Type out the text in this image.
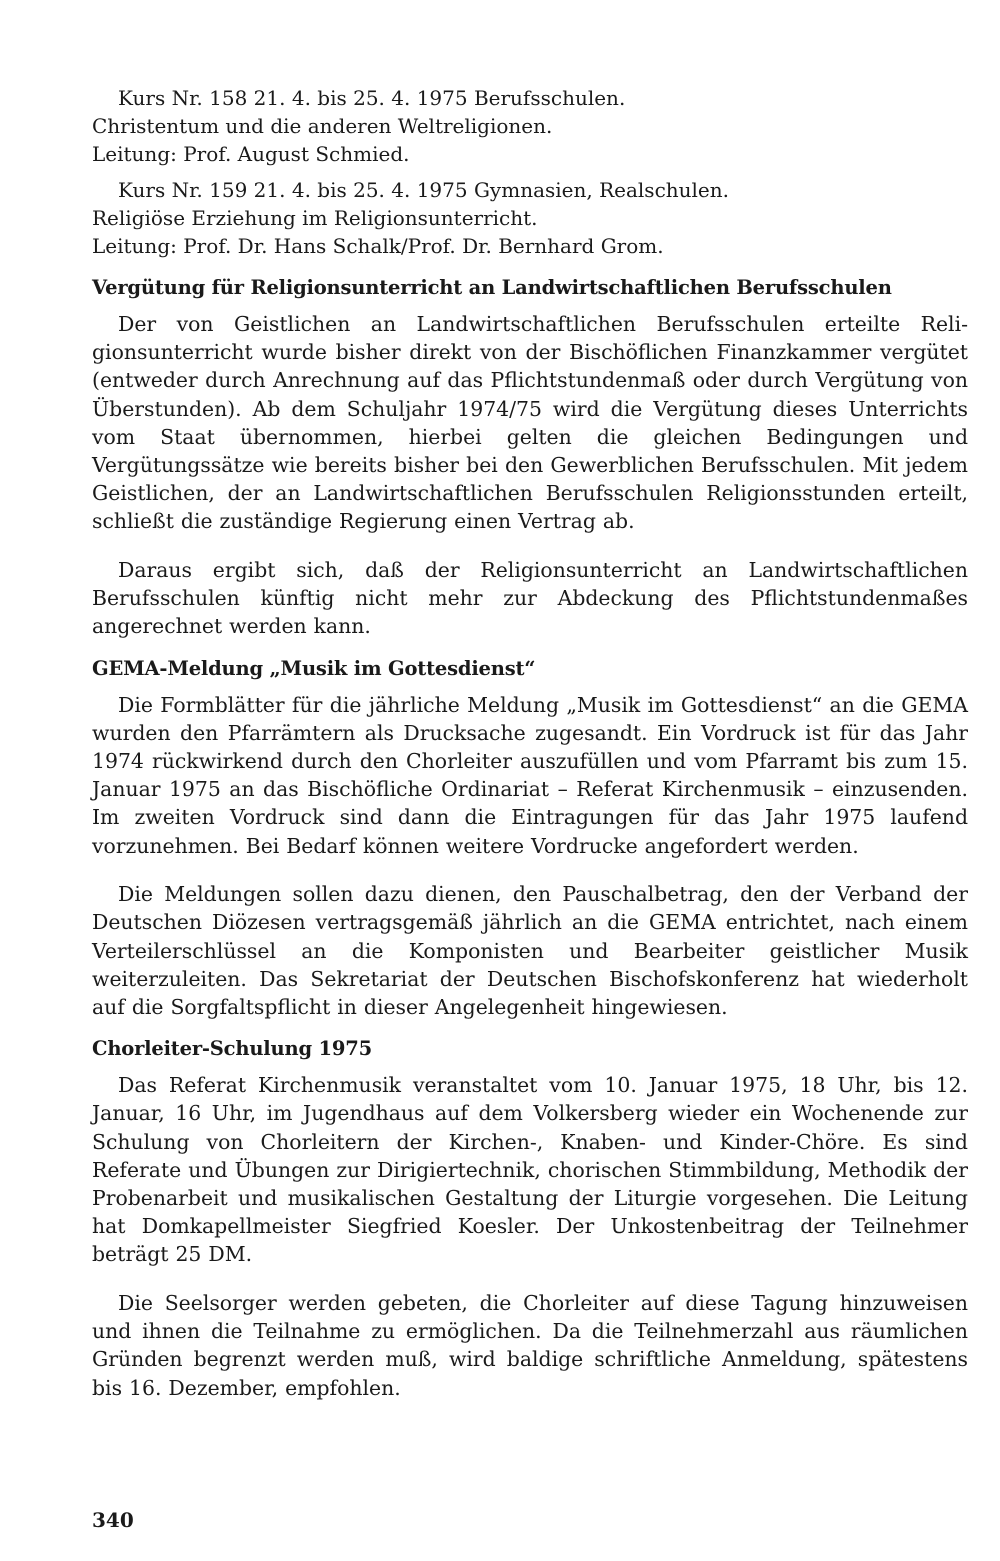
Kurs Nr. 158 21. 4. bis 25. 4. 1975 Berufsschulen.
Christentum und die anderen Weltreligionen.
Leitung: Prof. August Schmied.
Kurs Nr. 159 21. 4. bis 25. 4. 1975 Gymnasien, Realschulen.
Religiöse Erziehung im Religionsunterricht.
Leitung: Prof. Dr. Hans Schalk/Prof. Dr. Bernhard Grom.
Vergütung für Religionsunterricht an Landwirtschaftlichen Berufsschulen

Der von Geistlichen an Landwirtschaftlichen Berufsschulen erteilte Religionsunterricht wurde bisher direkt von der Bischöflichen Finanzkammer vergütet (entweder durch Anrechnung auf das Pflichtstundenmaß oder durch Vergütung von Überstunden). Ab dem Schuljahr 1974/75 wird die Vergütung dieses Unterrichts vom Staat übernommen, hierbei gelten die gleichen Bedingungen und Vergütungssätze wie bereits bisher bei den Gewerblichen Berufsschulen. Mit jedem Geistlichen, der an Landwirtschaftlichen Berufsschulen Religionsstunden erteilt, schließt die zuständige Regierung einen Vertrag ab.

Daraus ergibt sich, daß der Religionsunterricht an Landwirtschaftlichen Berufsschulen künftig nicht mehr zur Abdeckung des Pflichtstundenmaßes angerechnet werden kann.

GEMA-Meldung „Musik im Gottesdienst“

Die Formblätter für die jährliche Meldung „Musik im Gottesdienst“ an die GEMA wurden den Pfarrämtern als Drucksache zugesandt. Ein Vordruck ist für das Jahr 1974 rückwirkend durch den Chorleiter auszufüllen und vom Pfarramt bis zum 15. Januar 1975 an das Bischöfliche Ordinariat – Referat Kirchenmusik – einzusenden. Im zweiten Vordruck sind dann die Eintragungen für das Jahr 1975 laufend vorzunehmen. Bei Bedarf können weitere Vordrucke angefordert werden.

Die Meldungen sollen dazu dienen, den Pauschalbetrag, den der Verband der Deutschen Diözesen vertragsgemäß jährlich an die GEMA entrichtet, nach einem Verteilerschlüssel an die Komponisten und Bearbeiter geistlicher Musik weiterzuleiten. Das Sekretariat der Deutschen Bischofskonferenz hat wiederholt auf die Sorgfaltspflicht in dieser Angelegenheit hingewiesen.

Chorleiter-Schulung 1975

Das Referat Kirchenmusik veranstaltet vom 10. Januar 1975, 18 Uhr, bis 12. Januar, 16 Uhr, im Jugendhaus auf dem Volkersberg wieder ein Wochenende zur Schulung von Chorleitern der Kirchen-, Knaben- und Kinder-Chöre. Es sind Referate und Übungen zur Dirigiertechnik, chorischen Stimmbildung, Methodik der Probenarbeit und musikalischen Gestaltung der Liturgie vorgesehen. Die Leitung hat Domkapellmeister Siegfried Koesler. Der Unkostenbeitrag der Teilnehmer beträgt 25 DM.

Die Seelsorger werden gebeten, die Chorleiter auf diese Tagung hinzuweisen und ihnen die Teilnahme zu ermöglichen. Da die Teilnehmerzahl aus räumlichen Gründen begrenzt werden muß, wird baldige schriftliche Anmeldung, spätestens bis 16. Dezember, empfohlen.

340
